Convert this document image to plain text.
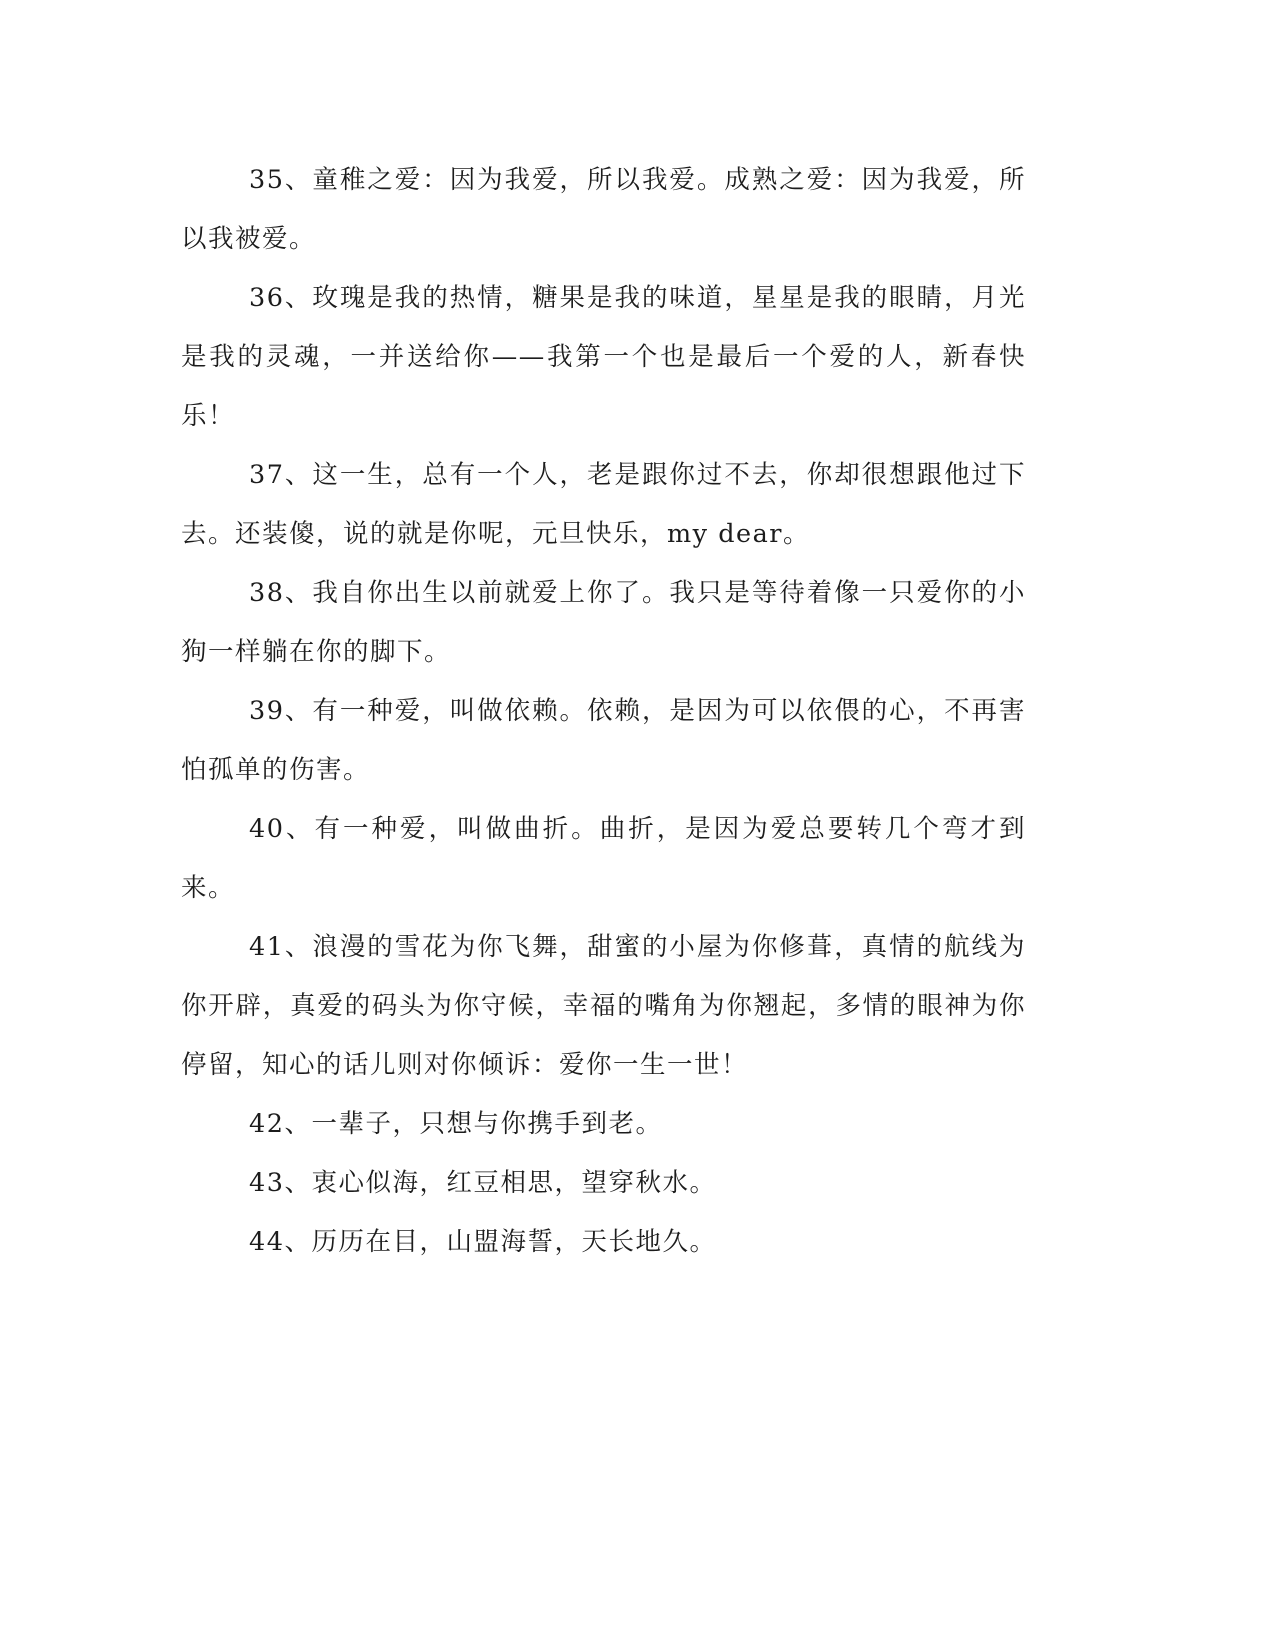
35、童稚之爱：因为我爱，所以我爱。成熟之爱：因为我爱，所以我被爱。

36、玫瑰是我的热情，糖果是我的味道，星星是我的眼睛，月光是我的灵魂，一并送给你——我第一个也是最后一个爱的人，新春快乐！

37、这一生，总有一个人，老是跟你过不去，你却很想跟他过下去。还装傻，说的就是你呢，元旦快乐，my dear。

38、我自你出生以前就爱上你了。我只是等待着像一只爱你的小狗一样躺在你的脚下。

39、有一种爱，叫做依赖。依赖，是因为可以依偎的心，不再害怕孤单的伤害。

40、有一种爱，叫做曲折。曲折，是因为爱总要转几个弯才到来。

41、浪漫的雪花为你飞舞，甜蜜的小屋为你修葺，真情的航线为你开辟，真爱的码头为你守候，幸福的嘴角为你翘起，多情的眼神为你停留，知心的话儿则对你倾诉：爱你一生一世！

42、一辈子，只想与你携手到老。

43、衷心似海，红豆相思，望穿秋水。

44、历历在目，山盟海誓，天长地久。
